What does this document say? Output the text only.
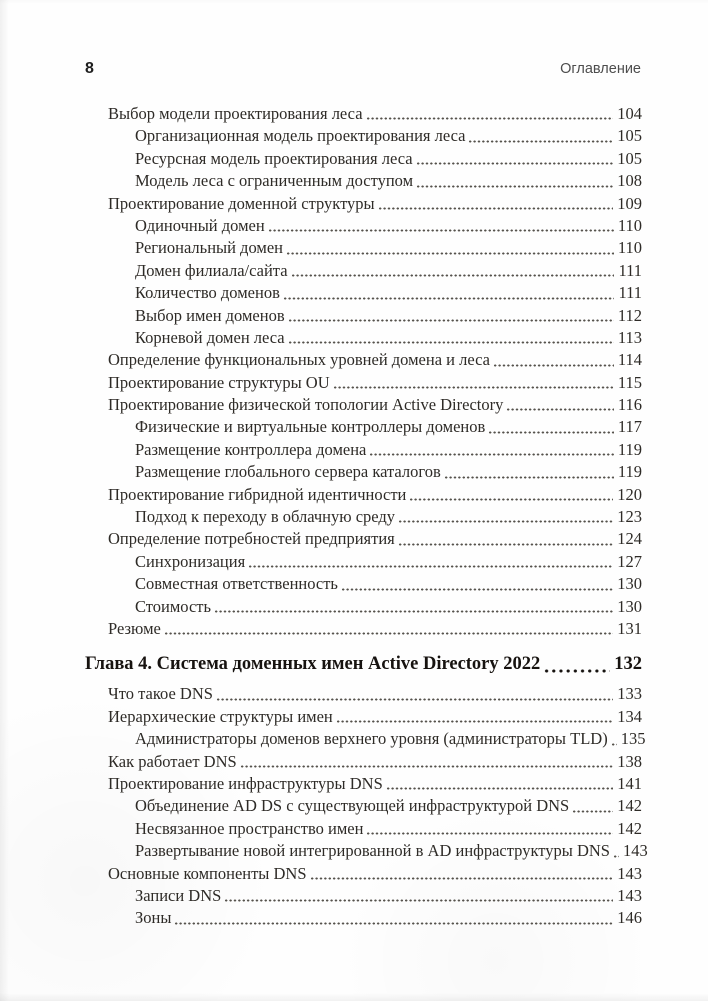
8	Оглавление
Выбор модели проектирования леса	104
Организационная модель проектирования леса	105
Ресурсная модель проектирования леса	105
Модель леса с ограниченным доступом	108
Проектирование доменной структуры	109
Одиночный домен	110
Региональный домен	110
Домен филиала/сайта	111
Количество доменов	111
Выбор имен доменов	112
Корневой домен леса	113
Определение функциональных уровней домена и леса	114
Проектирование структуры OU	115
Проектирование физической топологии Active Directory	116
Физические и виртуальные контроллеры доменов	117
Размещение контроллера домена	119
Размещение глобального сервера каталогов	119
Проектирование гибридной идентичности	120
Подход к переходу в облачную среду	123
Определение потребностей предприятия	124
Синхронизация	127
Совместная ответственность	130
Стоимость	130
Резюме	131
Глава 4. Система доменных имен Active Directory 2022	132
Что такое DNS	133
Иерархические структуры имен	134
Администраторы доменов верхнего уровня (администраторы TLD) 135
Как работает DNS	138
Проектирование инфраструктуры DNS	141
Объединение AD DS с существующей инфраструктурой DNS	142
Несвязанное пространство имен	142
Развертывание новой интегрированной в AD инфраструктуры DNS 143
Основные компоненты DNS	143
Записи DNS	143
Зоны	146
